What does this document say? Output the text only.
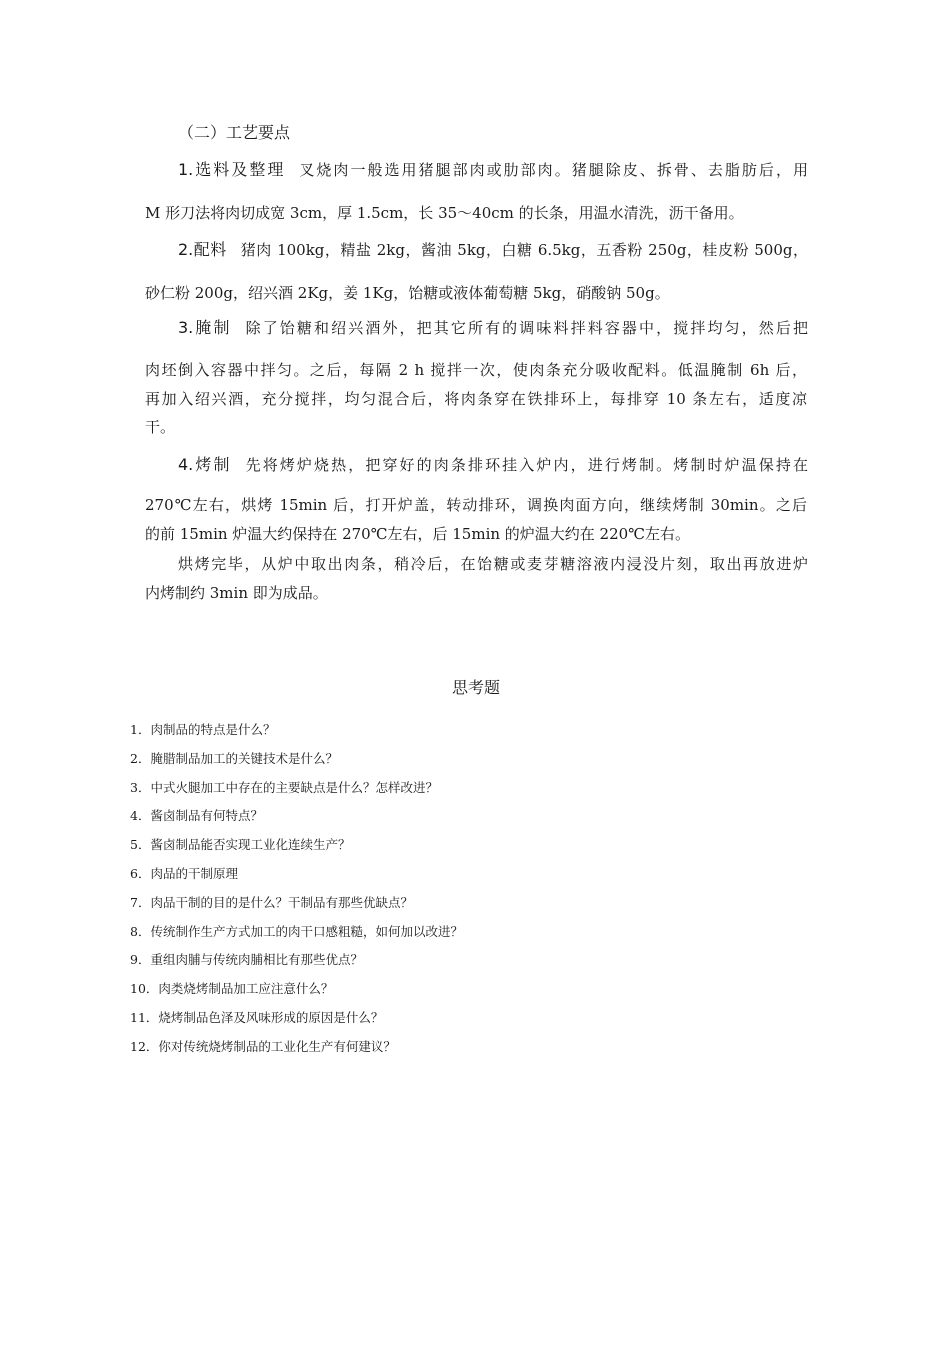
（二）工艺要点
1.选料及整理 叉烧肉一般选用猪腿部肉或肋部肉。猪腿除皮、拆骨、去脂肪后，用
M 形刀法将肉切成宽 3cm，厚 1.5cm，长 35～40cm 的长条，用温水清洗，沥干备用。
2.配料 猪肉 100kg，精盐 2kg，酱油 5kg，白糖 6.5kg，五香粉 250g，桂皮粉 500g，
砂仁粉 200g，绍兴酒 2Kg，姜 1Kg，饴糖或液体葡萄糖 5kg，硝酸钠 50g。
3.腌制 除了饴糖和绍兴酒外，把其它所有的调味料拌料容器中，搅拌均匀，然后把
肉坯倒入容器中拌匀。之后，每隔 2 h 搅拌一次，使肉条充分吸收配料。低温腌制 6h 后，
再加入绍兴酒，充分搅拌，均匀混合后，将肉条穿在铁排环上，每排穿 10 条左右，适度凉
干。
4.烤制 先将烤炉烧热，把穿好的肉条排环挂入炉内，进行烤制。烤制时炉温保持在
270℃左右，烘烤 15min 后，打开炉盖，转动排环，调换肉面方向，继续烤制 30min。之后
的前 15min 炉温大约保持在 270℃左右，后 15min 的炉温大约在 220℃左右。
烘烤完毕，从炉中取出肉条，稍冷后，在饴糖或麦芽糖溶液内浸没片刻，取出再放进炉
内烤制约 3min 即为成品。
思考题
1．肉制品的特点是什么？
2．腌腊制品加工的关键技术是什么？
3．中式火腿加工中存在的主要缺点是什么？怎样改进？
4．酱卤制品有何特点？
5．酱卤制品能否实现工业化连续生产？
6．肉品的干制原理
7．肉品干制的目的是什么？干制品有那些优缺点？
8．传统制作生产方式加工的肉干口感粗糙，如何加以改进？
9．重组肉脯与传统肉脯相比有那些优点？
10．肉类烧烤制品加工应注意什么？
11．烧烤制品色泽及风味形成的原因是什么？
12．你对传统烧烤制品的工业化生产有何建议？
